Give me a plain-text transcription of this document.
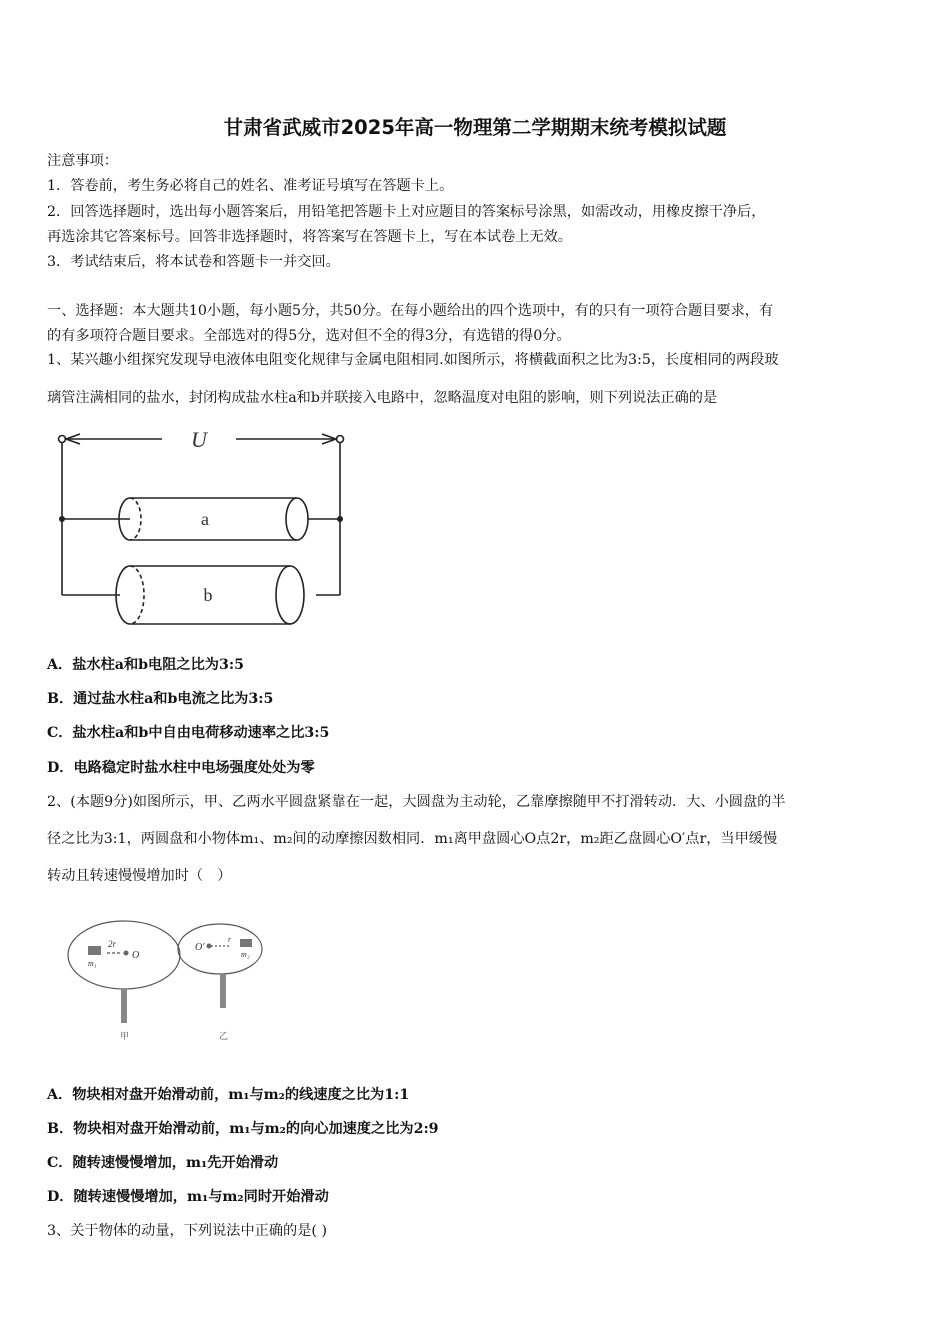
甘肃省武威市2025年高一物理第二学期期末统考模拟试题
注意事项：
1．答卷前，考生务必将自己的姓名、准考证号填写在答题卡上。
2．回答选择题时，选出每小题答案后，用铅笔把答题卡上对应题目的答案标号涂黑，如需改动，用橡皮擦干净后，
再选涂其它答案标号。回答非选择题时，将答案写在答题卡上，写在本试卷上无效。
3．考试结束后，将本试卷和答题卡一并交回。
一、选择题：本大题共10小题，每小题5分，共50分。在每小题给出的四个选项中，有的只有一项符合题目要求，有
的有多项符合题目要求。全部选对的得5分，选对但不全的得3分，有选错的得0分。
1、某兴趣小组探究发现导电液体电阻变化规律与金属电阻相同.如图所示，将横截面积之比为3:5，长度相同的两段玻
璃管注满相同的盐水，封闭构成盐水柱a和b并联接入电路中，忽略温度对电阻的影响，则下列说法正确的是
U
a
b
A．盐水柱a和b电阻之比为3:5
B．通过盐水柱a和b电流之比为3:5
C．盐水柱a和b中自由电荷移动速率之比3:5
D．电路稳定时盐水柱中电场强度处处为零
2、(本题9分)如图所示，甲、乙两水平圆盘紧靠在一起，大圆盘为主动轮，乙靠摩擦随甲不打滑转动．大、小圆盘的半
径之比为3:1，两圆盘和小物体m₁、m₂间的动摩擦因数相同．m₁离甲盘圆心O点2r，m₂距乙盘圆心O′点r，当甲缓慢
转动且转速慢慢增加时（　）
m₁
2r
O
O′
r
m₂
甲	乙
A．物块相对盘开始滑动前，m₁与m₂的线速度之比为1:1
B．物块相对盘开始滑动前，m₁与m₂的向心加速度之比为2:9
C．随转速慢慢增加，m₁先开始滑动
D．随转速慢慢增加，m₁与m₂同时开始滑动
3、关于物体的动量，下列说法中正确的是( )
